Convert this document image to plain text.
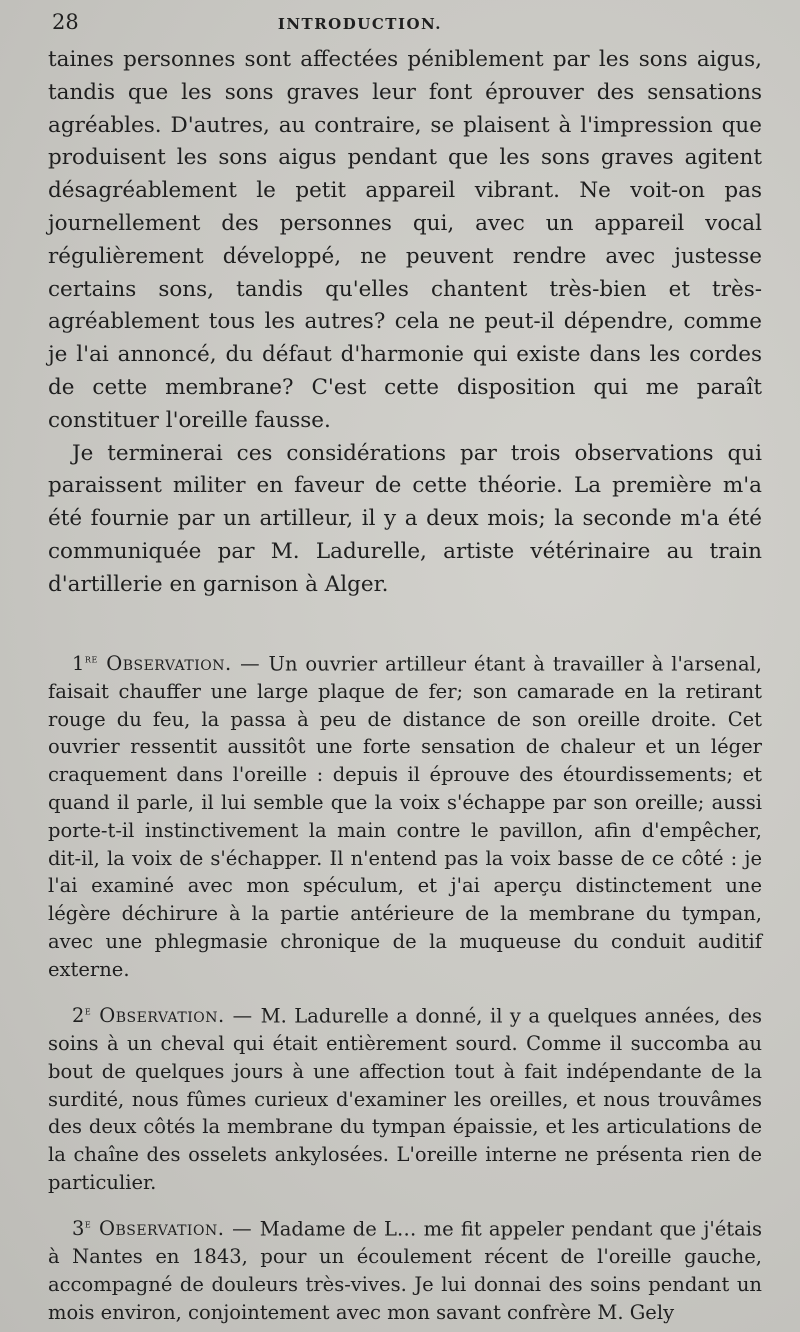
28	INTRODUCTION.

taines personnes sont affectées péniblement par les sons aigus, tandis que les sons graves leur font éprouver des sensations agréables. D'autres, au contraire, se plaisent à l'impression que produisent les sons aigus pendant que les sons graves agitent désagréablement le petit appareil vibrant. Ne voit-on pas journellement des personnes qui, avec un appareil vocal régulièrement développé, ne peuvent rendre avec justesse certains sons, tandis qu'elles chantent très-bien et très-agréablement tous les autres? cela ne peut-il dépendre, comme je l'ai annoncé, du défaut d'harmonie qui existe dans les cordes de cette membrane? C'est cette disposition qui me paraît constituer l'oreille fausse.

Je terminerai ces considérations par trois observations qui paraissent militer en faveur de cette théorie. La première m'a été fournie par un artilleur, il y a deux mois; la seconde m'a été communiquée par M. Ladurelle, artiste vétérinaire au train d'artillerie en garnison à Alger.

1re Observation. — Un ouvrier artilleur étant à travailler à l'arsenal, faisait chauffer une large plaque de fer; son camarade en la retirant rouge du feu, la passa à peu de distance de son oreille droite. Cet ouvrier ressentit aussitôt une forte sensation de chaleur et un léger craquement dans l'oreille : depuis il éprouve des étourdissements; et quand il parle, il lui semble que la voix s'échappe par son oreille; aussi porte-t-il instinctivement la main contre le pavillon, afin d'empêcher, dit-il, la voix de s'échapper. Il n'entend pas la voix basse de ce côté : je l'ai examiné avec mon spéculum, et j'ai aperçu distinctement une légère déchirure à la partie antérieure de la membrane du tympan, avec une phlegmasie chronique de la muqueuse du conduit auditif externe.

2e Observation. — M. Ladurelle a donné, il y a quelques années, des soins à un cheval qui était entièrement sourd. Comme il succomba au bout de quelques jours à une affection tout à fait indépendante de la surdité, nous fûmes curieux d'examiner les oreilles, et nous trouvâmes des deux côtés la membrane du tympan épaissie, et les articulations de la chaîne des osselets ankylosées. L'oreille interne ne présenta rien de particulier.

3e Observation. — Madame de L… me fit appeler pendant que j'étais à Nantes en 1843, pour un écoulement récent de l'oreille gauche, accompagné de douleurs très-vives. Je lui donnai des soins pendant un mois environ, conjointement avec mon savant confrère M. Gely
